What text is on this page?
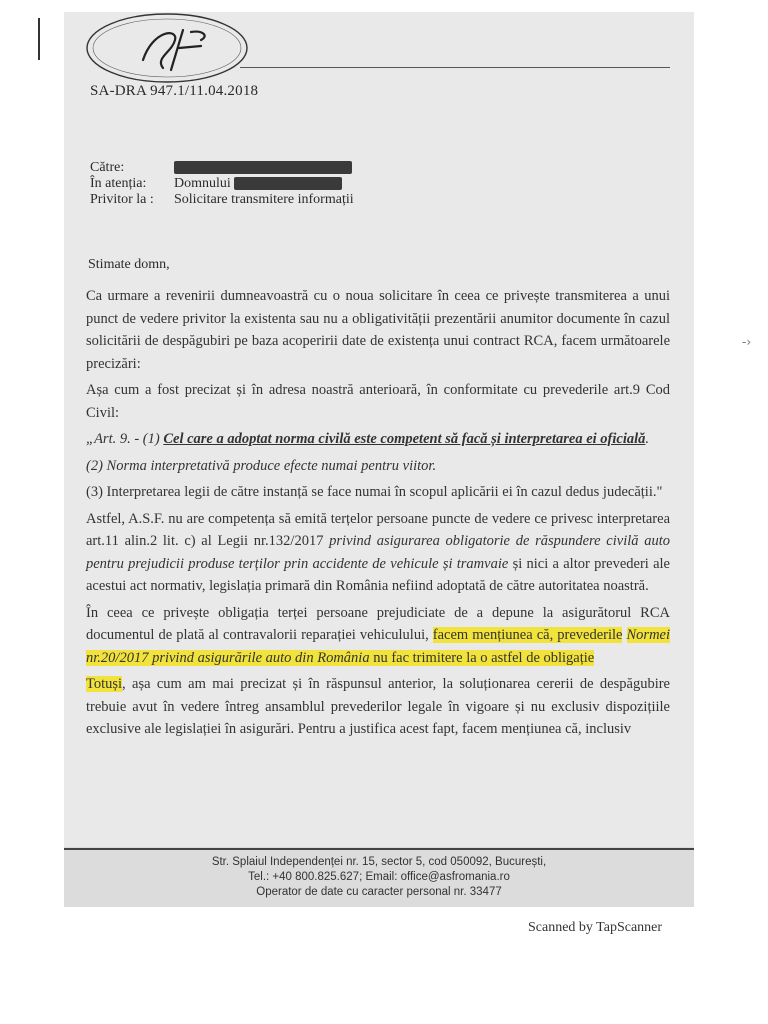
SA-DRA 947.1/11.04.2018
Către:
În atenția:	Domnului
Privitor la :	Solicitare transmitere informații
Stimate domn,

Ca urmare a revenirii dumneavoastră cu o noua solicitare în ceea ce privește transmiterea a unui punct de vedere privitor la existenta sau nu a obligativității prezentării anumitor documente în cazul solicitării de despăgubiri pe baza acoperirii date de existența unui contract RCA, facem următoarele precizări:

Așa cum a fost precizat și în adresa noastră anterioară, în conformitate cu prevederile art.9 Cod Civil:

„Art. 9. - (1) Cel care a adoptat norma civilă este competent să facă și interpretarea ei oficială.

(2) Norma interpretativă produce efecte numai pentru viitor.

(3) Interpretarea legii de către instanță se face numai în scopul aplicării ei în cazul dedus judecății."

Astfel, A.S.F. nu are competența să emită terțelor persoane puncte de vedere ce privesc interpretarea art.11 alin.2 lit. c) al Legii nr.132/2017 privind asigurarea obligatorie de răspundere civilă auto pentru prejudicii produse terților prin accidente de vehicule și tramvaie și nici a altor prevederi ale acestui act normativ, legislația primară din România nefiind adoptată de către autoritatea noastră.

În ceea ce privește obligația terței persoane prejudiciate de a depune la asigurătorul RCA documentul de plată al contravalorii reparației vehiculului, facem mențiunea că, prevederile Normei nr.20/2017 privind asigurările auto din România nu fac trimitere la o astfel de obligație

Totuși, așa cum am mai precizat și în răspunsul anterior, la soluționarea cererii de despăgubire trebuie avut în vedere întreg ansamblul prevederilor legale în vigoare și nu exclusiv dispozițiile exclusive ale legislației în asigurări. Pentru a justifica acest fapt, facem mențiunea că, inclusiv

Str. Splaiul Independenței nr. 15, sector 5, cod 050092, București,
Tel.: +40 800.825.627; Email: office@asfromania.ro
Operator de date cu caracter personal nr. 33477
-›
Scanned by TapScanner
